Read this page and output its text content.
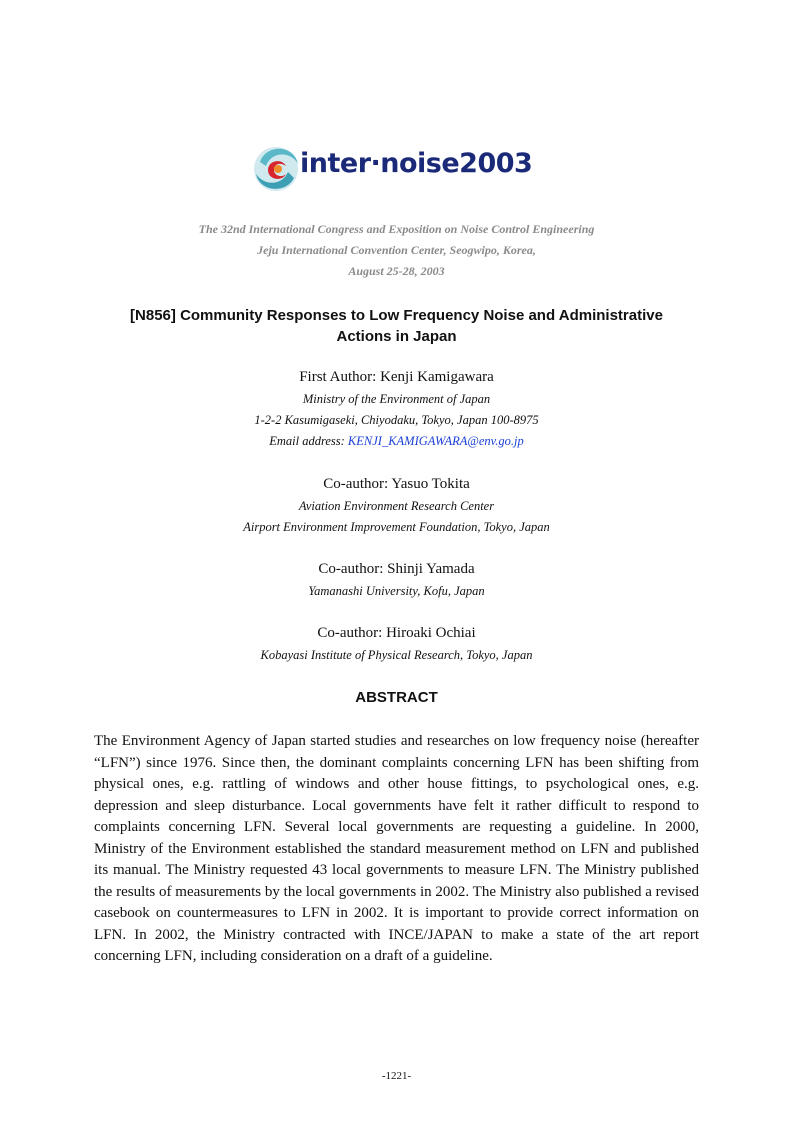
inter·noise2003
The 32nd International Congress and Exposition on Noise Control Engineering
Jeju International Convention Center, Seogwipo, Korea,
August 25-28, 2003
[N856] Community Responses to Low Frequency Noise and Administrative
Actions in Japan
First Author: Kenji Kamigawara
Ministry of the Environment of Japan
1-2-2 Kasumigaseki, Chiyodaku, Tokyo, Japan 100-8975
Email address: KENJI_KAMIGAWARA@env.go.jp
Co-author: Yasuo Tokita
Aviation Environment Research Center
Airport Environment Improvement Foundation, Tokyo, Japan
Co-author: Shinji Yamada
Yamanashi University, Kofu, Japan
Co-author: Hiroaki Ochiai
Kobayasi Institute of Physical Research, Tokyo, Japan
ABSTRACT

The Environment Agency of Japan started studies and researches on low frequency noise (hereafter “LFN”) since 1976. Since then, the dominant complaints concerning LFN has been shifting from physical ones, e.g. rattling of windows and other house fittings, to psychological ones, e.g. depression and sleep disturbance. Local governments have felt it rather difficult to respond to complaints concerning LFN. Several local governments are requesting a guideline. In 2000, Ministry of the Environment established the standard measurement method on LFN and published its manual. The Ministry requested 43 local governments to measure LFN. The Ministry published the results of measurements by the local governments in 2002. The Ministry also published a revised casebook on countermeasures to LFN in 2002. It is important to provide correct information on LFN. In 2002, the Ministry contracted with INCE/JAPAN to make a state of the art report concerning LFN, including consideration on a draft of a guideline.

-1221-
